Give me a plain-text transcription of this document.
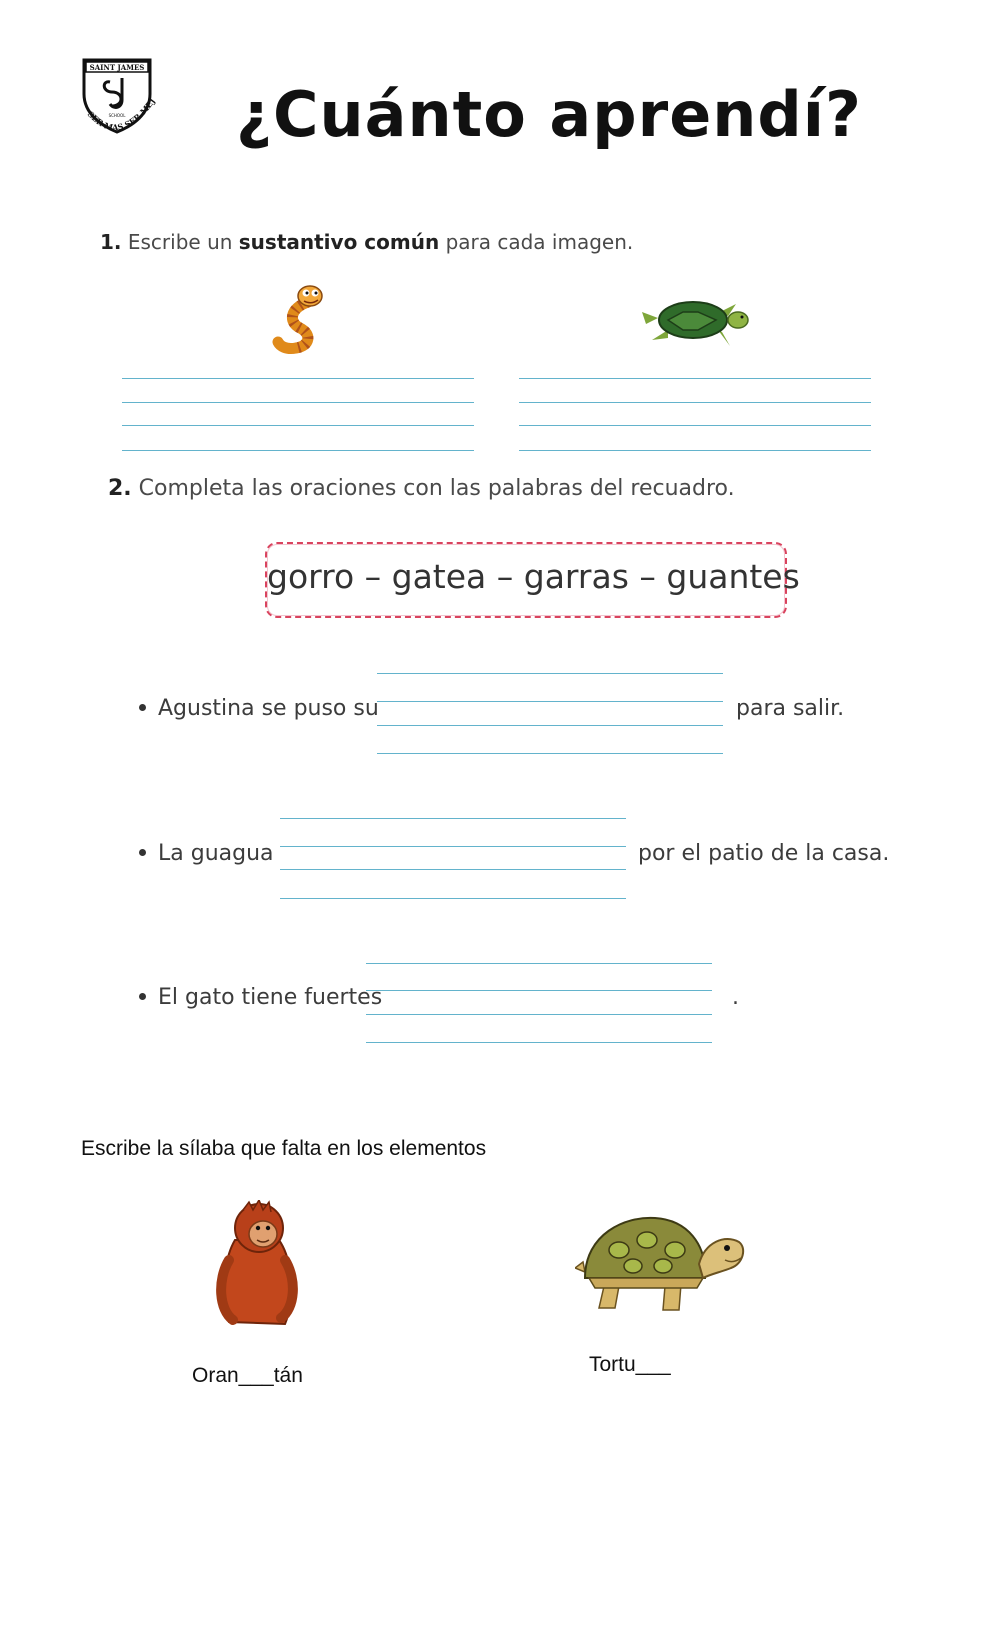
SAINT JAMES
SCHOOL
SER MAS SER MEJ ¿Cuánto aprendí?
1. Escribe un sustantivo común para cada imagen.
2. Completa las oraciones con las palabras del recuadro.
gorro – gatea – garras – guantes
Agustina se puso su	para salir.
La guagua	por el patio de la casa.
El gato tiene fuertes	.
Escribe la sílaba que falta en los elementos
Oran___tán	Tortu___
